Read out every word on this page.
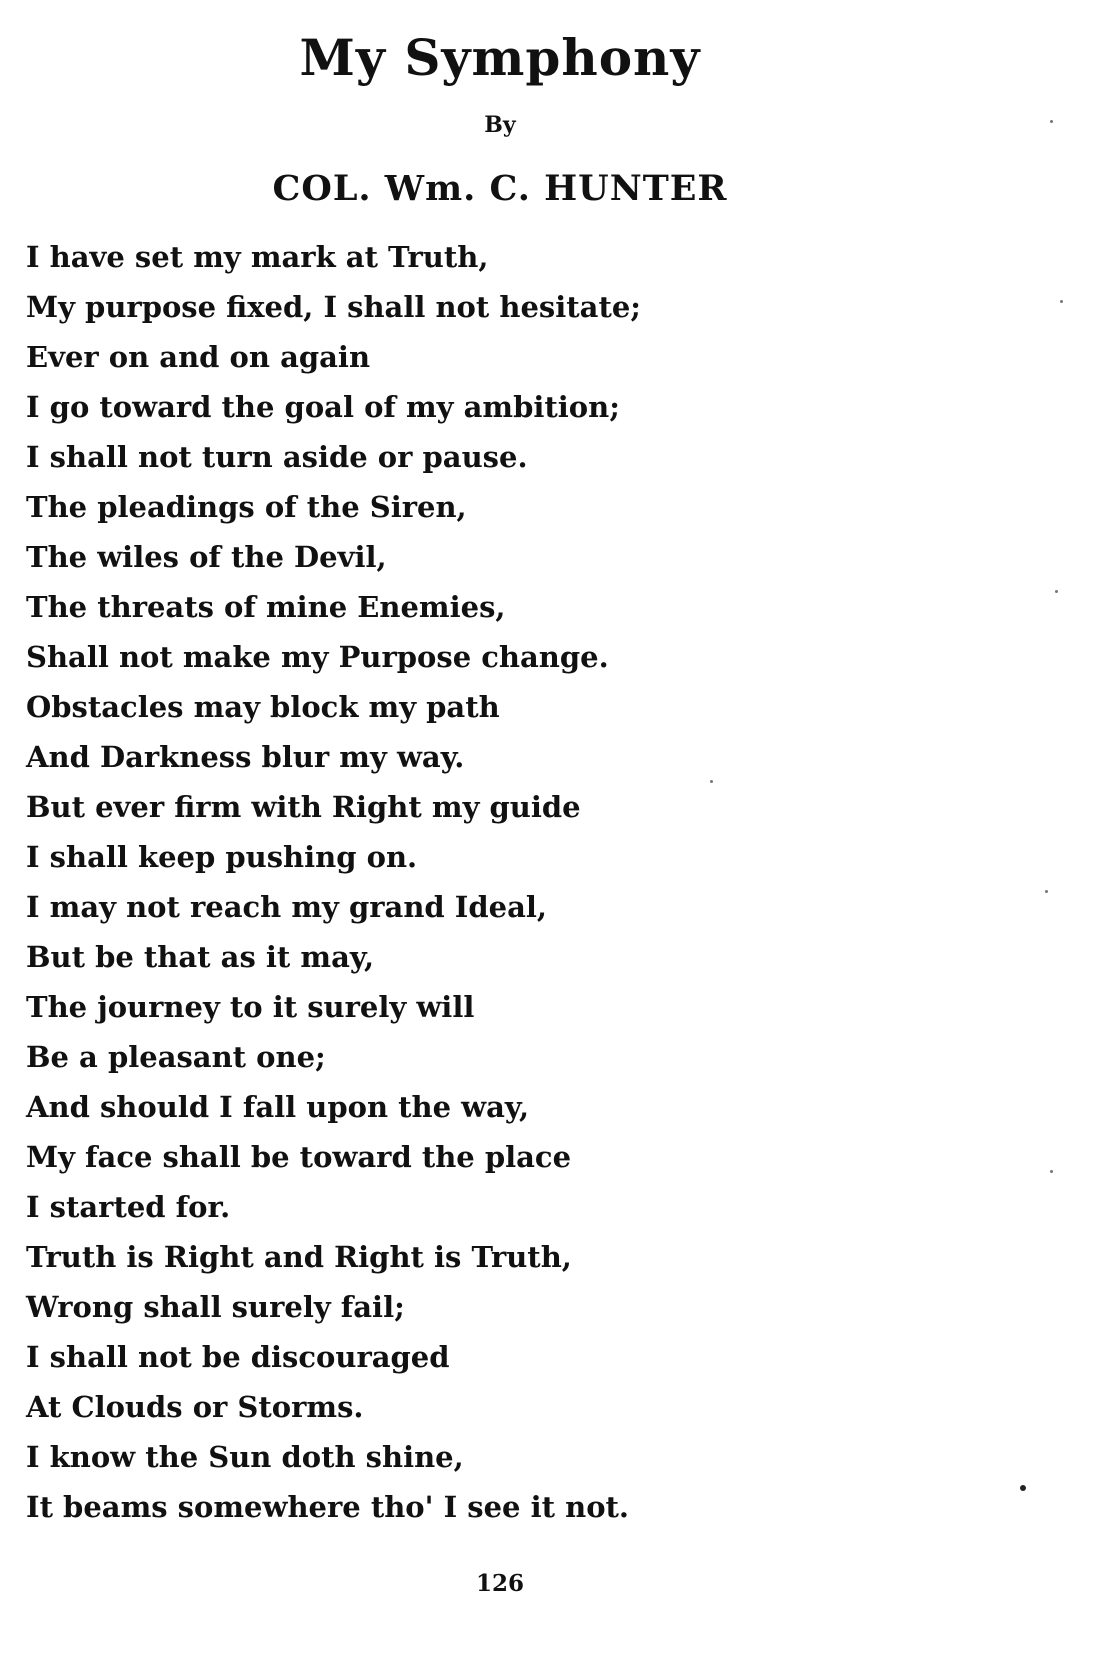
My Symphony
By
COL. Wm. C. HUNTER
I have set my mark at Truth,
My purpose fixed, I shall not hesitate;
Ever on and on again
I go toward the goal of my ambition;
I shall not turn aside or pause.
The pleadings of the Siren,
The wiles of the Devil,
The threats of mine Enemies,
Shall not make my Purpose change.
Obstacles may block my path
And Darkness blur my way.
But ever firm with Right my guide
I shall keep pushing on.
I may not reach my grand Ideal,
But be that as it may,
The journey to it surely will
Be a pleasant one;
And should I fall upon the way,
My face shall be toward the place
I started for.
Truth is Right and Right is Truth,
Wrong shall surely fail;
I shall not be discouraged
At Clouds or Storms.
I know the Sun doth shine,
It beams somewhere tho' I see it not.
126
